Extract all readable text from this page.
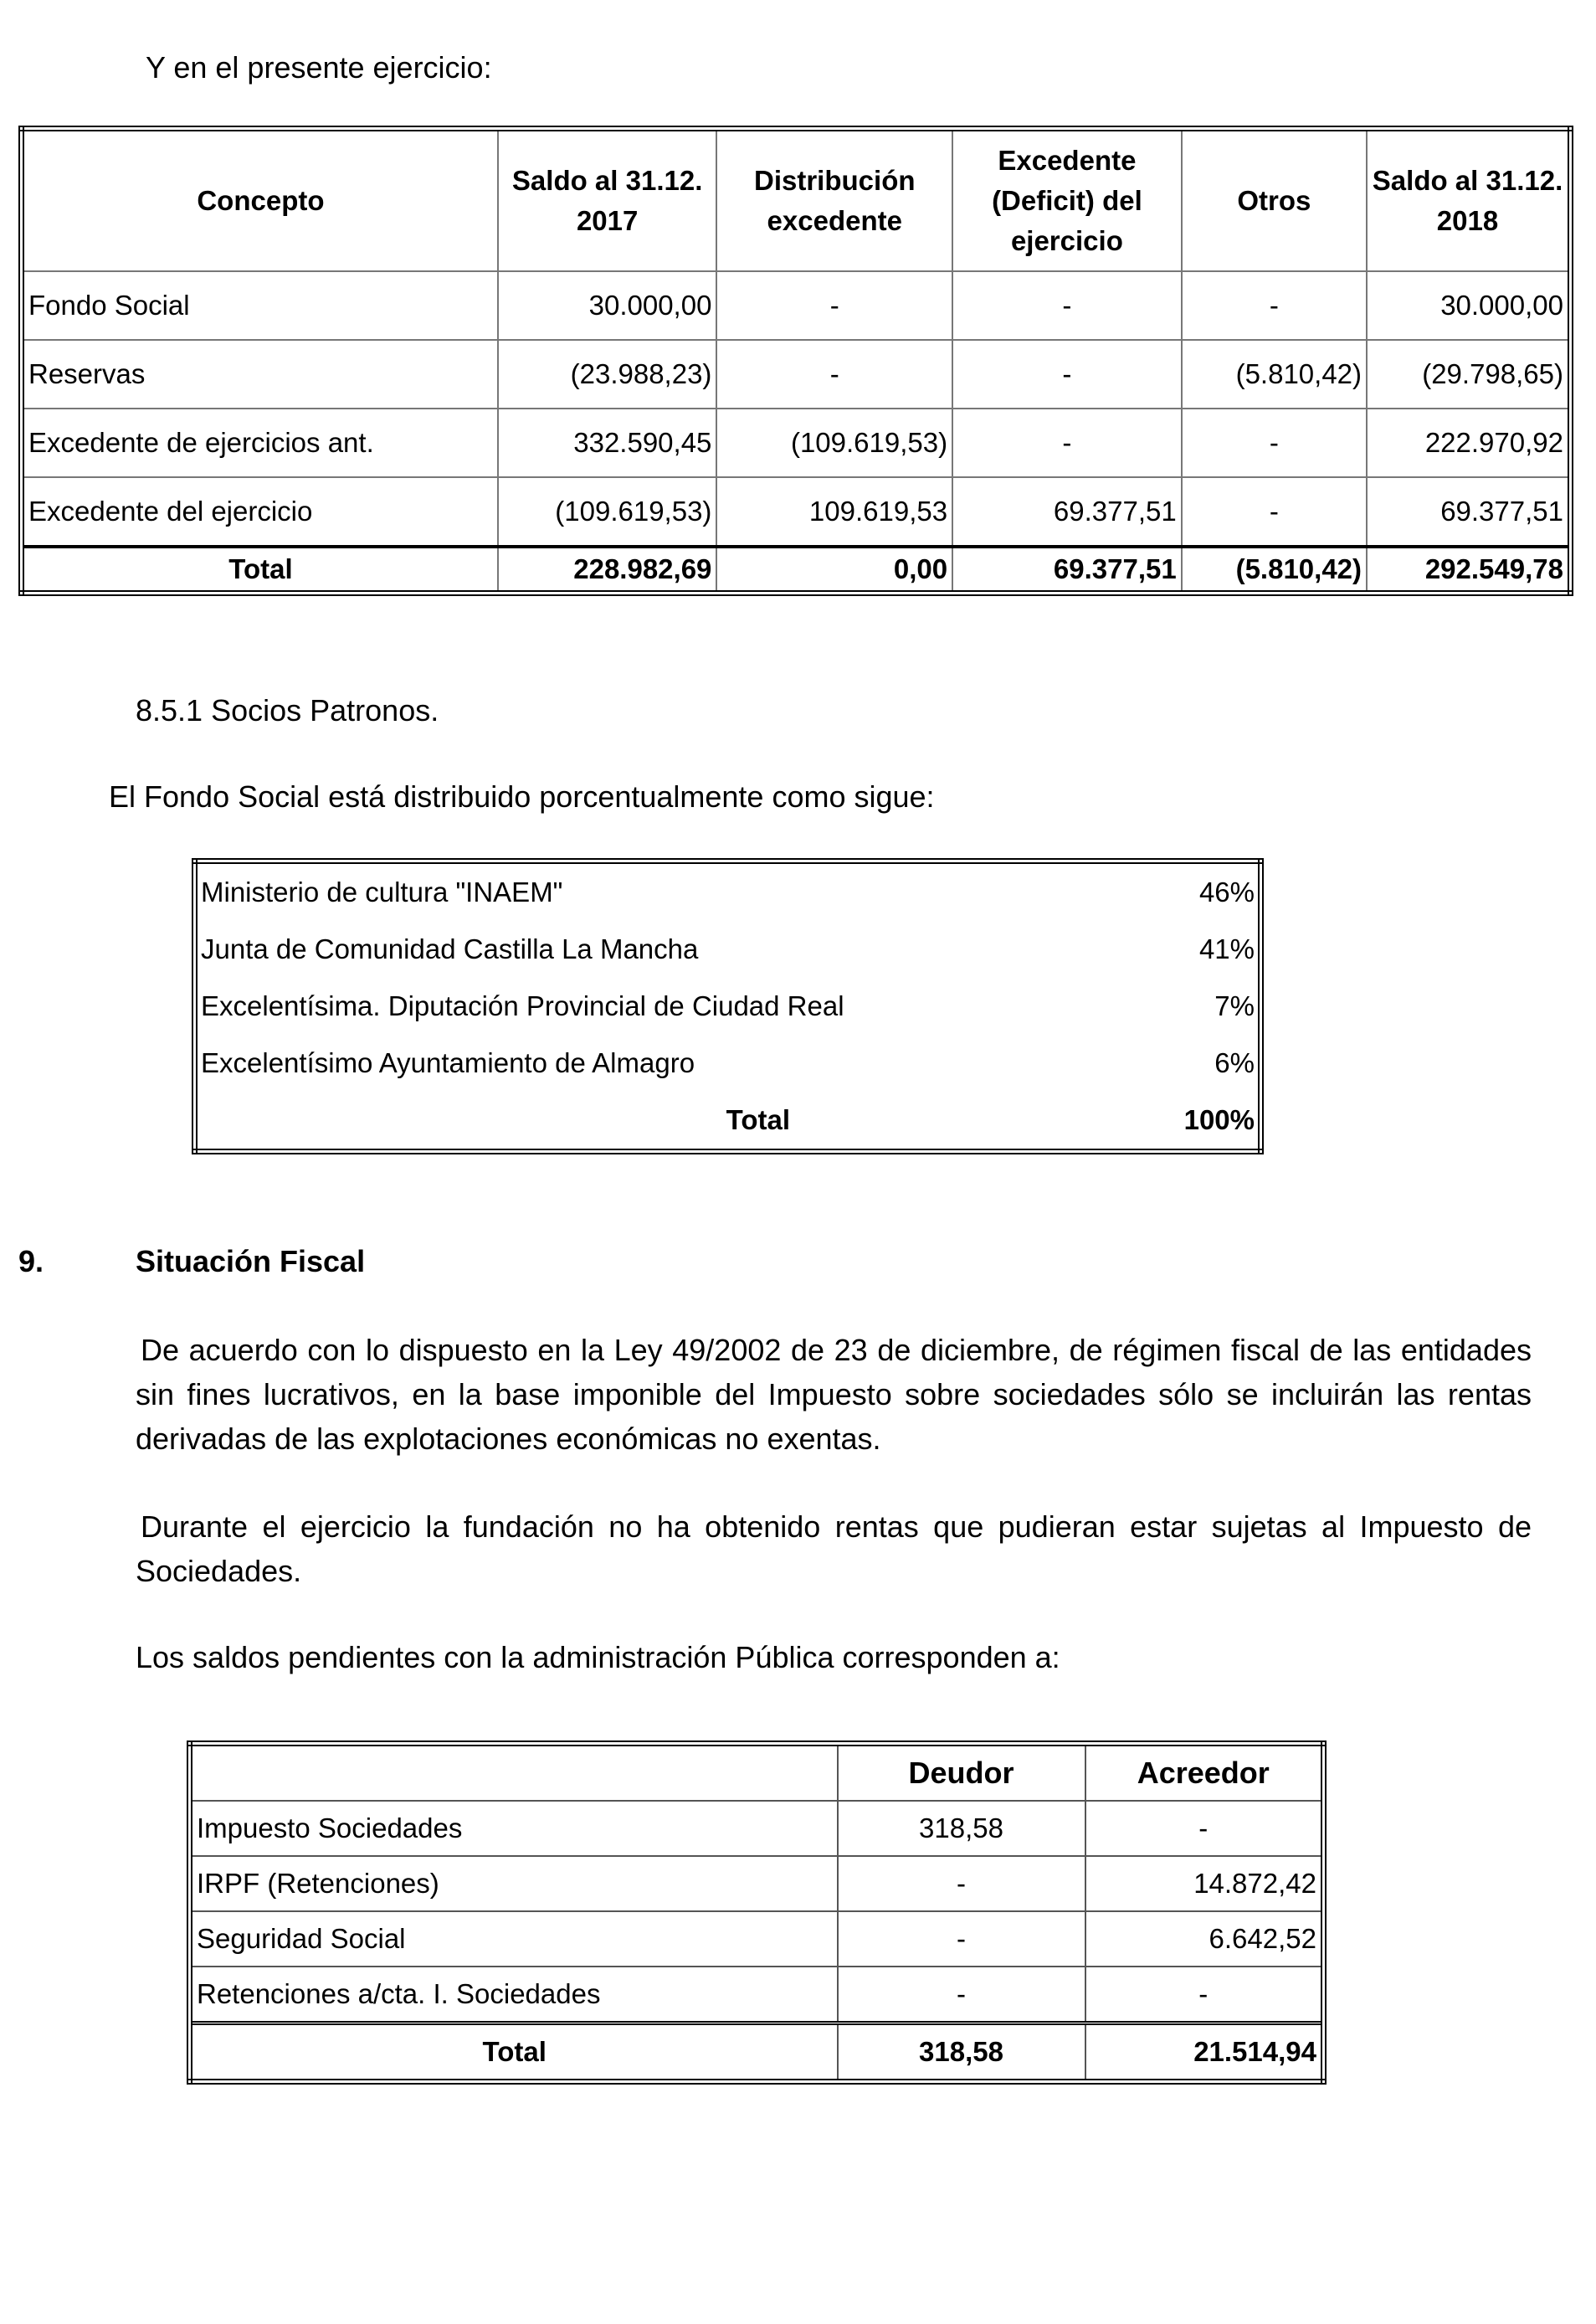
Y en el presente ejercicio:

Concepto	Saldo al 31.12. 2017	Distribución excedente	Excedente (Deficit) del ejercicio	Otros	Saldo al 31.12. 2018
Fondo Social	30.000,00	-	-	-	30.000,00
Reservas	(23.988,23)	-	-	(5.810,42)	(29.798,65)
Excedente de ejercicios ant.	332.590,45	(109.619,53)	-	-	222.970,92
Excedente del ejercicio	(109.619,53)	109.619,53	69.377,51	-	69.377,51
Total	228.982,69	0,00	69.377,51	(5.810,42)	292.549,78

8.5.1 Socios Patronos.

El Fondo Social está distribuido porcentualmente como sigue:

Ministerio de cultura "INAEM"	46%
Junta de Comunidad Castilla La Mancha	41%
Excelentísima. Diputación Provincial de Ciudad Real	7%
Excelentísimo Ayuntamiento de Almagro	6%
Total	100%

9.	Situación Fiscal

De acuerdo con lo dispuesto en la Ley 49/2002 de 23 de diciembre, de régimen fiscal de las entidades sin fines lucrativos, en la base imponible del Impuesto sobre sociedades sólo se incluirán las rentas derivadas de las explotaciones económicas no exentas.

Durante el ejercicio la fundación no ha obtenido rentas que pudieran estar sujetas al Impuesto de Sociedades.

Los saldos pendientes con la administración Pública corresponden a:

	Deudor	Acreedor
Impuesto Sociedades	318,58	-
IRPF (Retenciones)	-	14.872,42
Seguridad Social	-	6.642,52
Retenciones a/cta. I. Sociedades	-	-
Total	318,58	21.514,94
